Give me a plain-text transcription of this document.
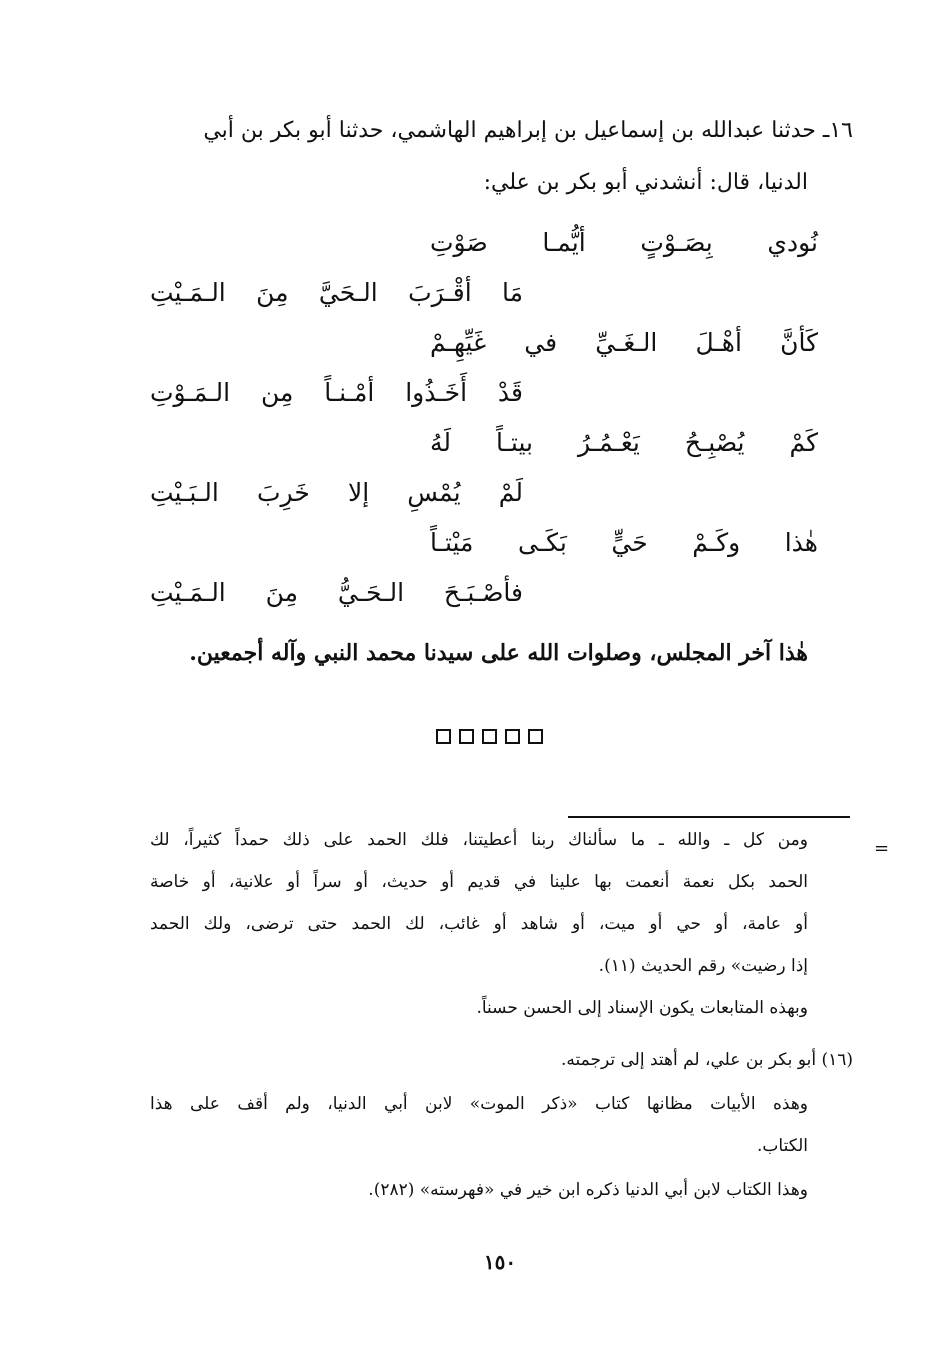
١٦ـ حدثنا عبدالله بن إسماعيل بن إبراهيم الهاشمي، حدثنا أبو بكر بن أبي
الدنيا، قال: أنشدني أبو بكر بن علي:
نُودي بِصَـوْتٍ أيُّمـا صَوْتِ
مَا أقْـرَبَ الـحَيَّ مِنَ الـمَـيْتِ
كَأنَّ أهْـلَ الـغَـيِّ في غَيِّهِـمْ
قَدْ أَخَـذُوا أمْـنـاً مِن الـمَـوْتِ
كَمْ يُصْبِـحُ يَعْـمُـرُ بيتـاً لَهُ
لَمْ يُمْسِ إلا خَرِبَ الـبَـيْتِ
هٰذا وكَـمْ حَيٍّ بَكَـى مَيْتـاً
فأصْـبَـحَ الـحَـيُّ مِنَ الـمَـيْتِ
هٰذا آخر المجلس، وصلوات الله على سيدنا محمد النبي وآله أجمعين.
=
ومن كل ـ والله ـ ما سألناك ربنا أعطيتنا، فلك الحمد على ذلك حمداً كثيراً، لك
الحمد بكل نعمة أنعمت بها علينا في قديم أو حديث، أو سراً أو علانية، أو خاصة
أو عامة، أو حي أو ميت، أو شاهد أو غائب، لك الحمد حتى ترضى، ولك الحمد
إذا رضيت» رقم الحديث (١١).
وبهذه المتابعات يكون الإسناد إلى الحسن حسناً.
(١٦) أبو بكر بن علي، لم أهتد إلى ترجمته.
وهذه الأبيات مظانها كتاب «ذكر الموت» لابن أبي الدنيا، ولم أقف على هذا
الكتاب.
وهذا الكتاب لابن أبي الدنيا ذكره ابن خير في «فهرسته» (٢٨٢).
١٥٠
